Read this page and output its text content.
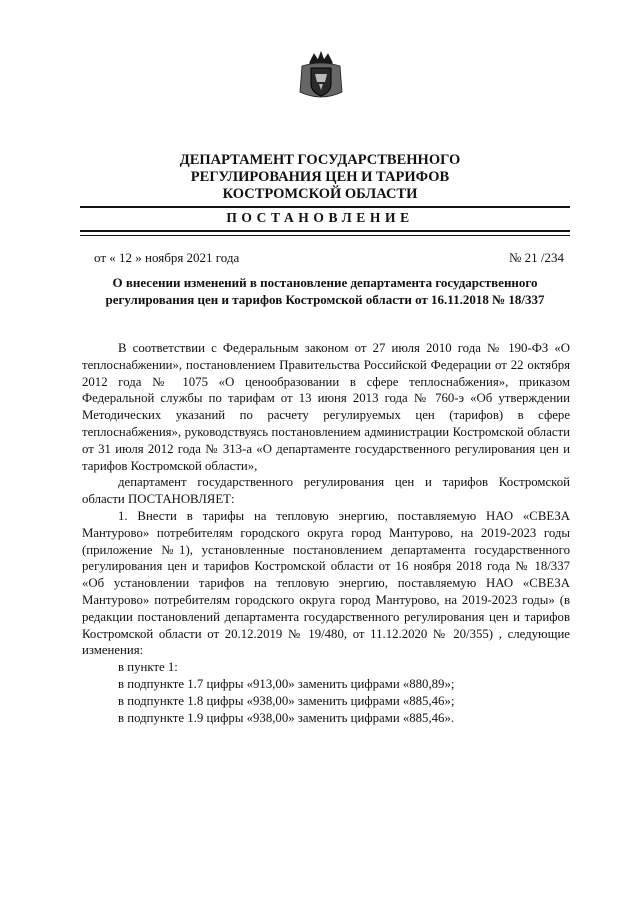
ДЕПАРТАМЕНТ ГОСУДАРСТВЕННОГО
РЕГУЛИРОВАНИЯ ЦЕН И ТАРИФОВ
КОСТРОМСКОЙ ОБЛАСТИ
ПОСТАНОВЛЕНИЕ
от « 12 » ноября 2021 года	№ 21 /234
О внесении изменений в постановление департамента государственного
регулирования цен и тарифов Костромской области от 16.11.2018 № 18/337

В соответствии с Федеральным законом от 27 июля 2010 года № 190-ФЗ «О теплоснабжении», постановлением Правительства Российской Федерации от 22 октября 2012 года № 1075 «О ценообразовании в сфере теплоснабжения», приказом Федеральной службы по тарифам от 13 июня 2013 года № 760-э «Об утверждении Методических указаний по расчету регулируемых цен (тарифов) в сфере теплоснабжения», руководствуясь постановлением администрации Костромской области от 31 июля 2012 года № 313-а «О департаменте государственного регулирования цен и тарифов Костромской области»,

департамент государственного регулирования цен и тарифов Костромской области ПОСТАНОВЛЯЕТ:

1. Внести в тарифы на тепловую энергию, поставляемую НАО «СВЕЗА Мантурово» потребителям городского округа город Мантурово, на 2019-2023 годы (приложение №1), установленные постановлением департамента государственного регулирования цен и тарифов Костромской области от 16 ноября 2018 года № 18/337 «Об установлении тарифов на тепловую энергию, поставляемую НАО «СВЕЗА Мантурово» потребителям городского округа город Мантурово, на 2019-2023 годы» (в редакции постановлений департамента государственного регулирования цен и тарифов Костромской области от 20.12.2019 № 19/480, от 11.12.2020 № 20/355) , следующие изменения:

в пункте 1:

в подпункте 1.7 цифры «913,00» заменить цифрами «880,89»;

в подпункте 1.8 цифры «938,00» заменить цифрами «885,46»;

в подпункте 1.9 цифры «938,00» заменить цифрами «885,46».
